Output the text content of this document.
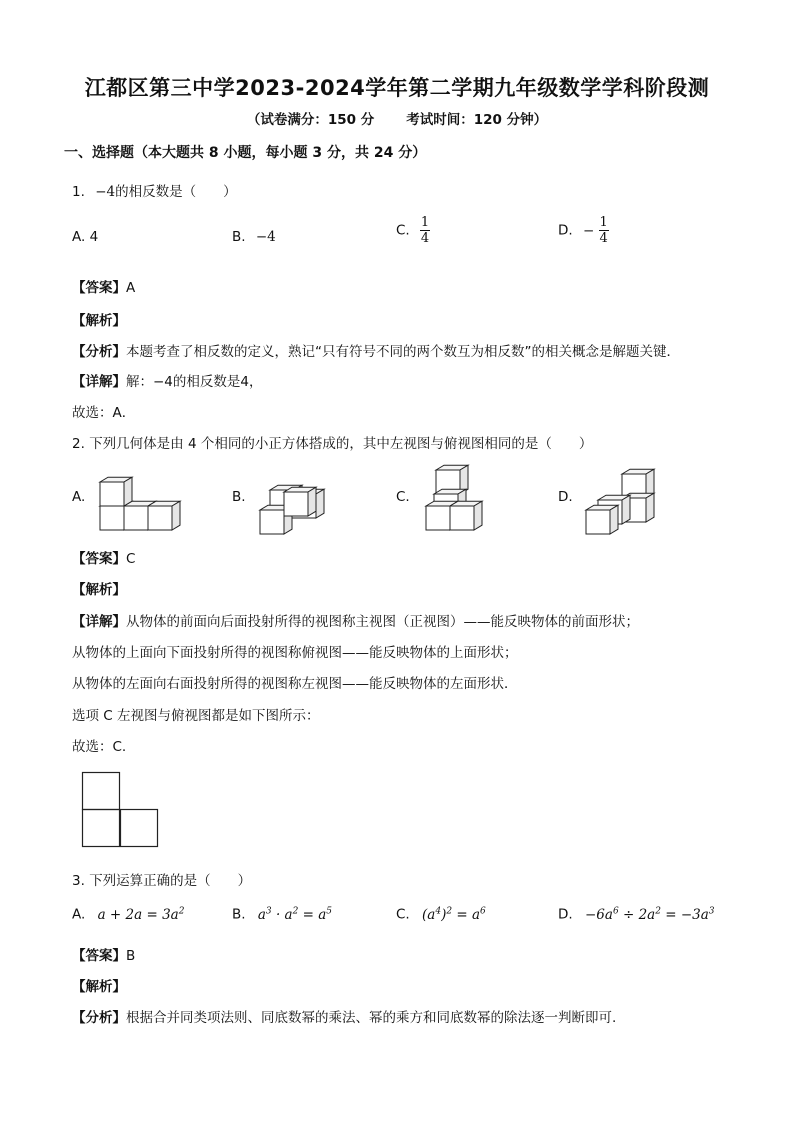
江都区第三中学2023-2024学年第二学期九年级数学学科阶段测
（试卷满分：150 分 考试时间：120 分钟）
一、选择题（本大题共 8 小题，每小题 3 分，共 24 分）
1. −4的相反数是（　　）
A. 4	B. −4	C. $\frac{1}{4}$	D. − $\frac{1}{4}$
【答案】A
【解析】
【分析】本题考查了相反数的定义，熟记“只有符号不同的两个数互为相反数”的相关概念是解题关键．
【详解】解：−4的相反数是4，
故选：A．
2. 下列几何体是由 4 个相同的小正方体搭成的，其中左视图与俯视图相同的是（　　）
A.	B.	C.	D.
【答案】C
【解析】
【详解】从物体的前面向后面投射所得的视图称主视图（正视图）——能反映物体的前面形状；
从物体的上面向下面投射所得的视图称俯视图——能反映物体的上面形状；
从物体的左面向右面投射所得的视图称左视图——能反映物体的左面形状．
选项 C 左视图与俯视图都是如下图所示：
故选：C.
3. 下列运算正确的是（　　）
A. $a + 2a = 3a^2$	B. $a^3 \cdot a^2 = a^5$	C. $(a^4)^2 = a^6$	D. $-6a^6 \div 2a^2 = -3a^3$
【答案】B
【解析】
【分析】根据合并同类项法则、同底数幂的乘法、幂的乘方和同底数幂的除法逐一判断即可.
